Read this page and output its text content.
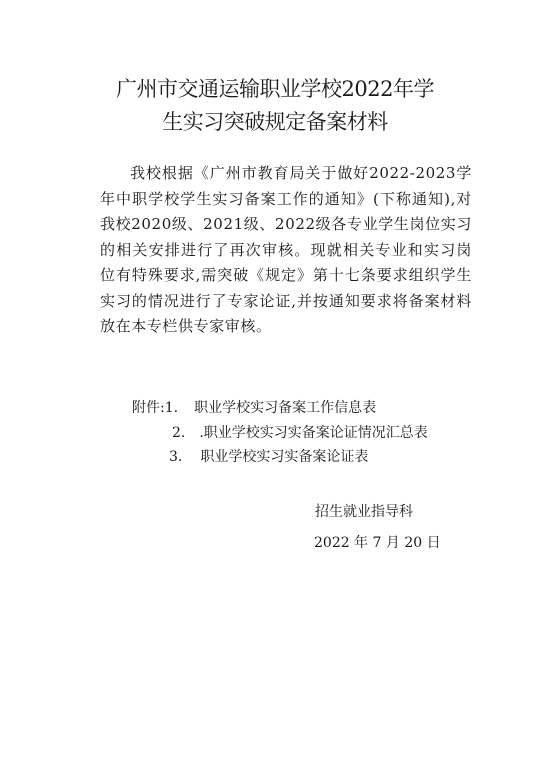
广州市交通运输职业学校2022年学
生实习突破规定备案材料

我校根据《广州市教育局关于做好2022-2023学年中职学校学生实习备案工作的通知》(下称通知),对我校2020级、2021级、2022级各专业学生岗位实习的相关安排进行了再次审核。现就相关专业和实习岗位有特殊要求,需突破《规定》第十七条要求组织学生实习的情况进行了专家论证,并按通知要求将备案材料放在本专栏供专家审核。

附件:1. 职业学校实习备案工作信息表
2. .职业学校实习实备案论证情况汇总表
3. 职业学校实习实备案论证表
招生就业指导科
2022 年 7 月 20 日
